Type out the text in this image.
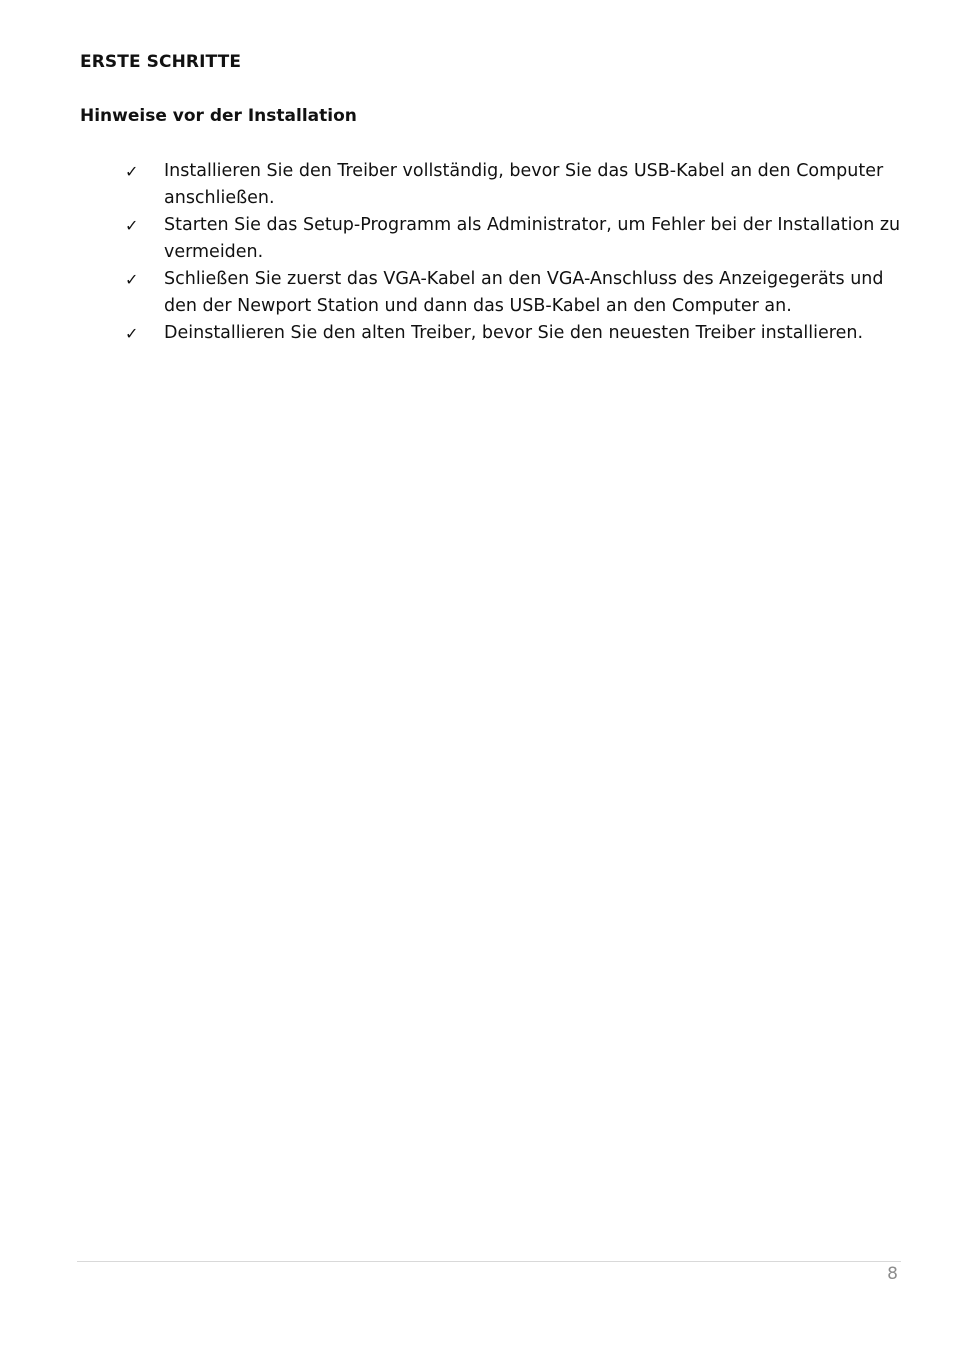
ERSTE SCHRITTE
Hinweise vor der Installation
✓	Installieren Sie den Treiber vollständig, bevor Sie das USB-Kabel an den Computer anschließen.
✓	Starten Sie das Setup-Programm als Administrator, um Fehler bei der Installation zu vermeiden.
✓	Schließen Sie zuerst das VGA-Kabel an den VGA-Anschluss des Anzeigegeräts und den der Newport Station und dann das USB-Kabel an den Computer an.
✓	Deinstallieren Sie den alten Treiber, bevor Sie den neuesten Treiber installieren.
8
